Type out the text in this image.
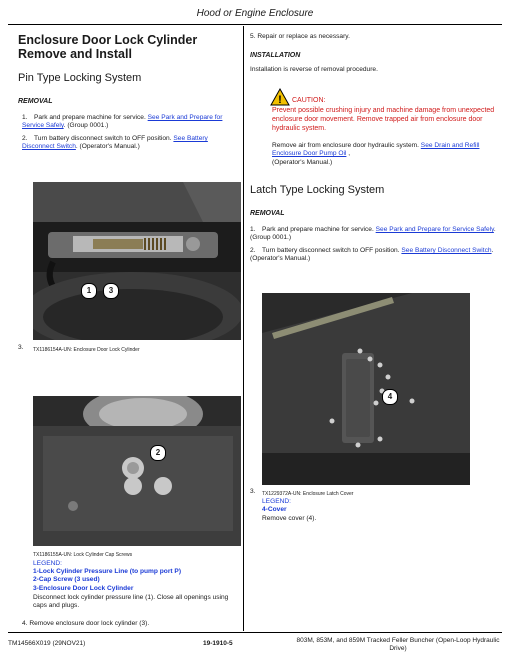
Hood or Engine Enclosure
Enclosure Door Lock Cylinder Remove and Install
Pin Type Locking System
REMOVAL
1. Park and prepare machine for service. See Park and Prepare for Service Safely. (Group 0001.)
2. Turn battery disconnect switch to OFF position. See Battery Disconnect Switch. (Operator's Manual.)
1	3
3. TX1186154A-UN: Enclosure Door Lock Cylinder
2
TX1186155A-UN: Lock Cylinder Cap Screws
LEGEND:
1-Lock Cylinder Pressure Line (to pump port P)
2-Cap Screw (3 used)
3-Enclosure Door Lock Cylinder
Disconnect lock cylinder pressure line (1). Close all openings using caps and plugs.
4. Remove enclosure door lock cylinder (3).
5. Repair or replace as necessary.
INSTALLATION
Installation is reverse of removal procedure.
! CAUTION:
Prevent possible crushing injury and machine damage from unexpected enclosure door movement. Remove trapped air from enclosure door hydraulic system.
Remove air from enclosure door hydraulic system. See Drain and Refill Enclosure Door Pump Oil ,
(Operator's Manual.)
Latch Type Locking System
REMOVAL
1. Park and prepare machine for service. See Park and Prepare for Service Safely. (Group 0001.)
2. Turn battery disconnect switch to OFF position. See Battery Disconnect Switch. (Operator's Manual.)
4
3. TX1229372A-UN: Enclosure Latch Cover
LEGEND:
4-Cover
Remove cover (4).
TM14566X019 (29NOV21)	19-1910-5	803M, 853M, and 859M Tracked Feller Buncher (Open-Loop Hydraulic Drive)
